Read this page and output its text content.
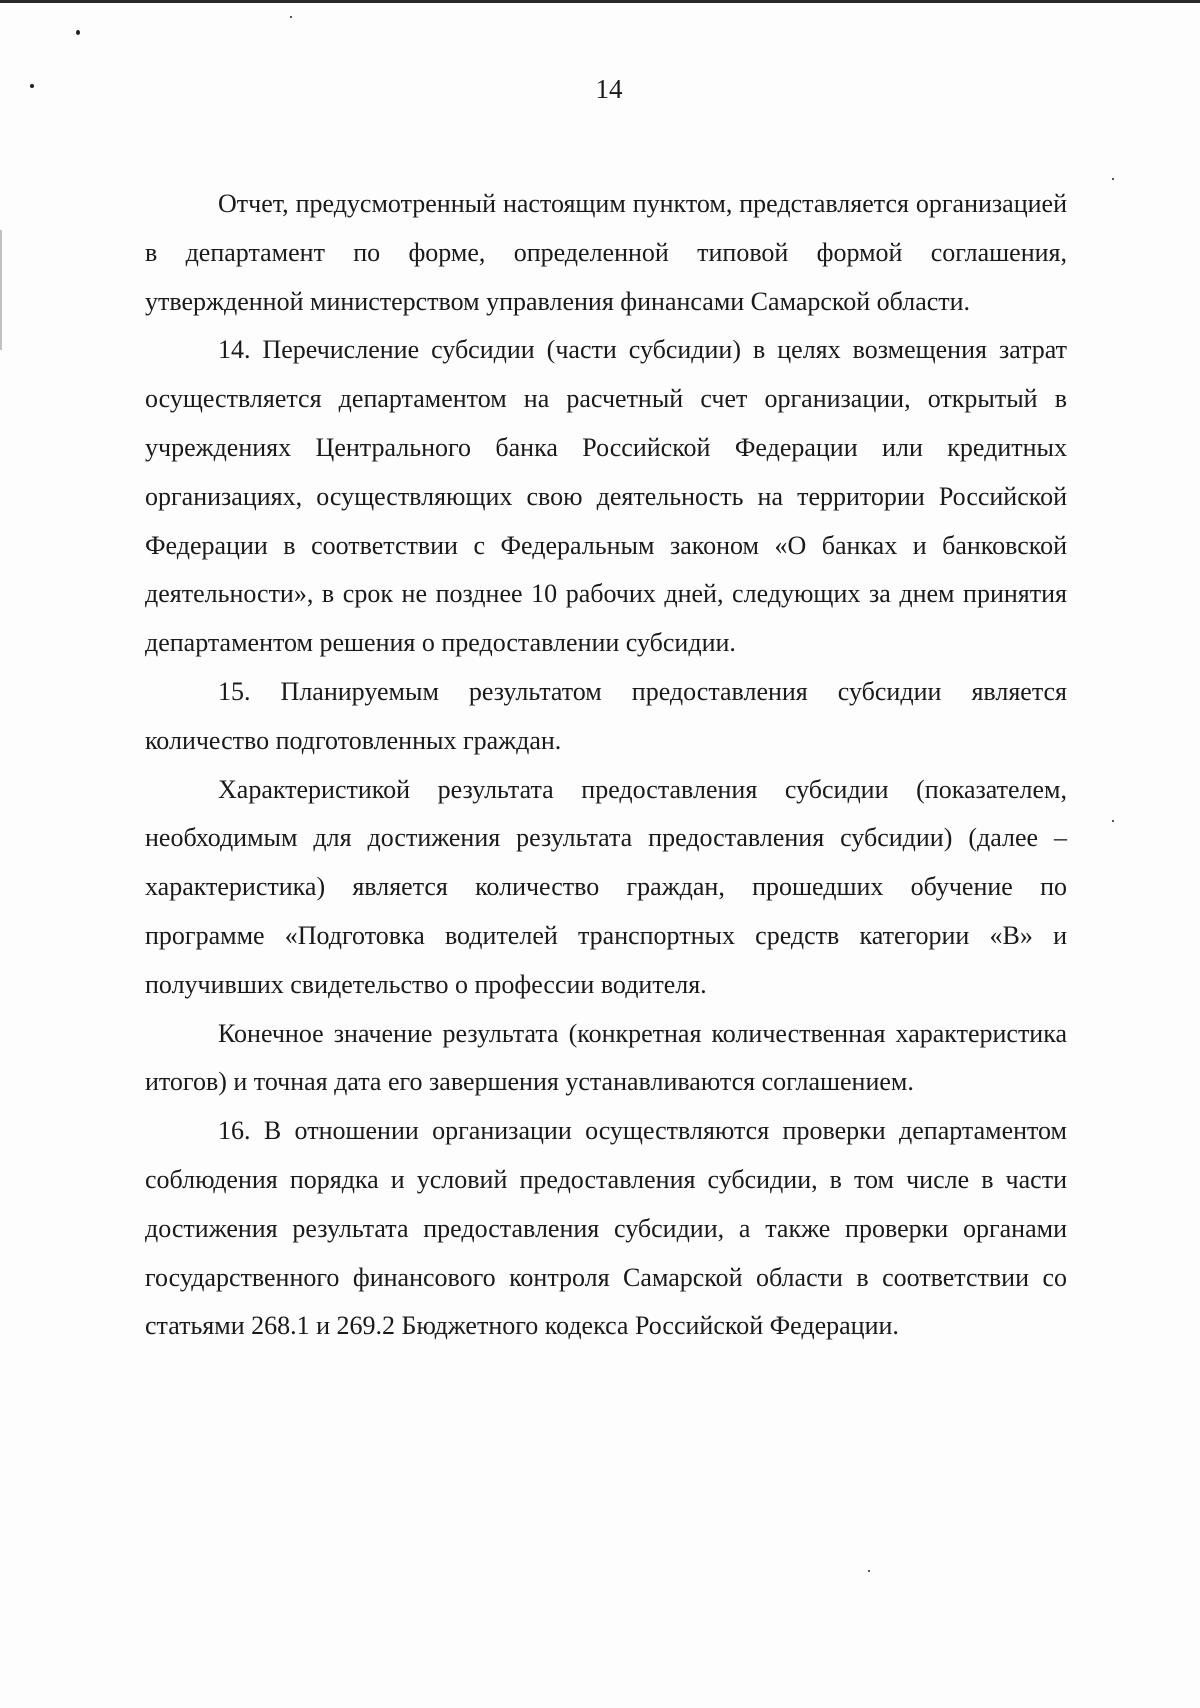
14

Отчет, предусмотренный настоящим пунктом, представляется организацией в департамент по форме, определенной типовой формой соглашения, утвержденной министерством управления финансами Самарской области.

14. Перечисление субсидии (части субсидии) в целях возмещения затрат осуществляется департаментом на расчетный счет организации, открытый в учреждениях Центрального банка Российской Федерации или кредитных организациях, осуществляющих свою деятельность на территории Российской Федерации в соответствии с Федеральным законом «О банках и банковской деятельности», в срок не позднее 10 рабочих дней, следующих за днем принятия департаментом решения о предоставлении субсидии.

15. Планируемым результатом предоставления субсидии является количество подготовленных граждан.

Характеристикой результата предоставления субсидии (показателем, необходимым для достижения результата предоставления субсидии) (далее – характеристика) является количество граждан, прошедших обучение по программе «Подготовка водителей транспортных средств категории «В» и получивших свидетельство о профессии водителя.

Конечное значение результата (конкретная количественная характеристика итогов) и точная дата его завершения устанавливаются соглашением.

16. В отношении организации осуществляются проверки департаментом соблюдения порядка и условий предоставления субсидии, в том числе в части достижения результата предоставления субсидии, а также проверки органами государственного финансового контроля Самарской области в соответствии со статьями 268.1 и 269.2 Бюджетного кодекса Российской Федерации.
